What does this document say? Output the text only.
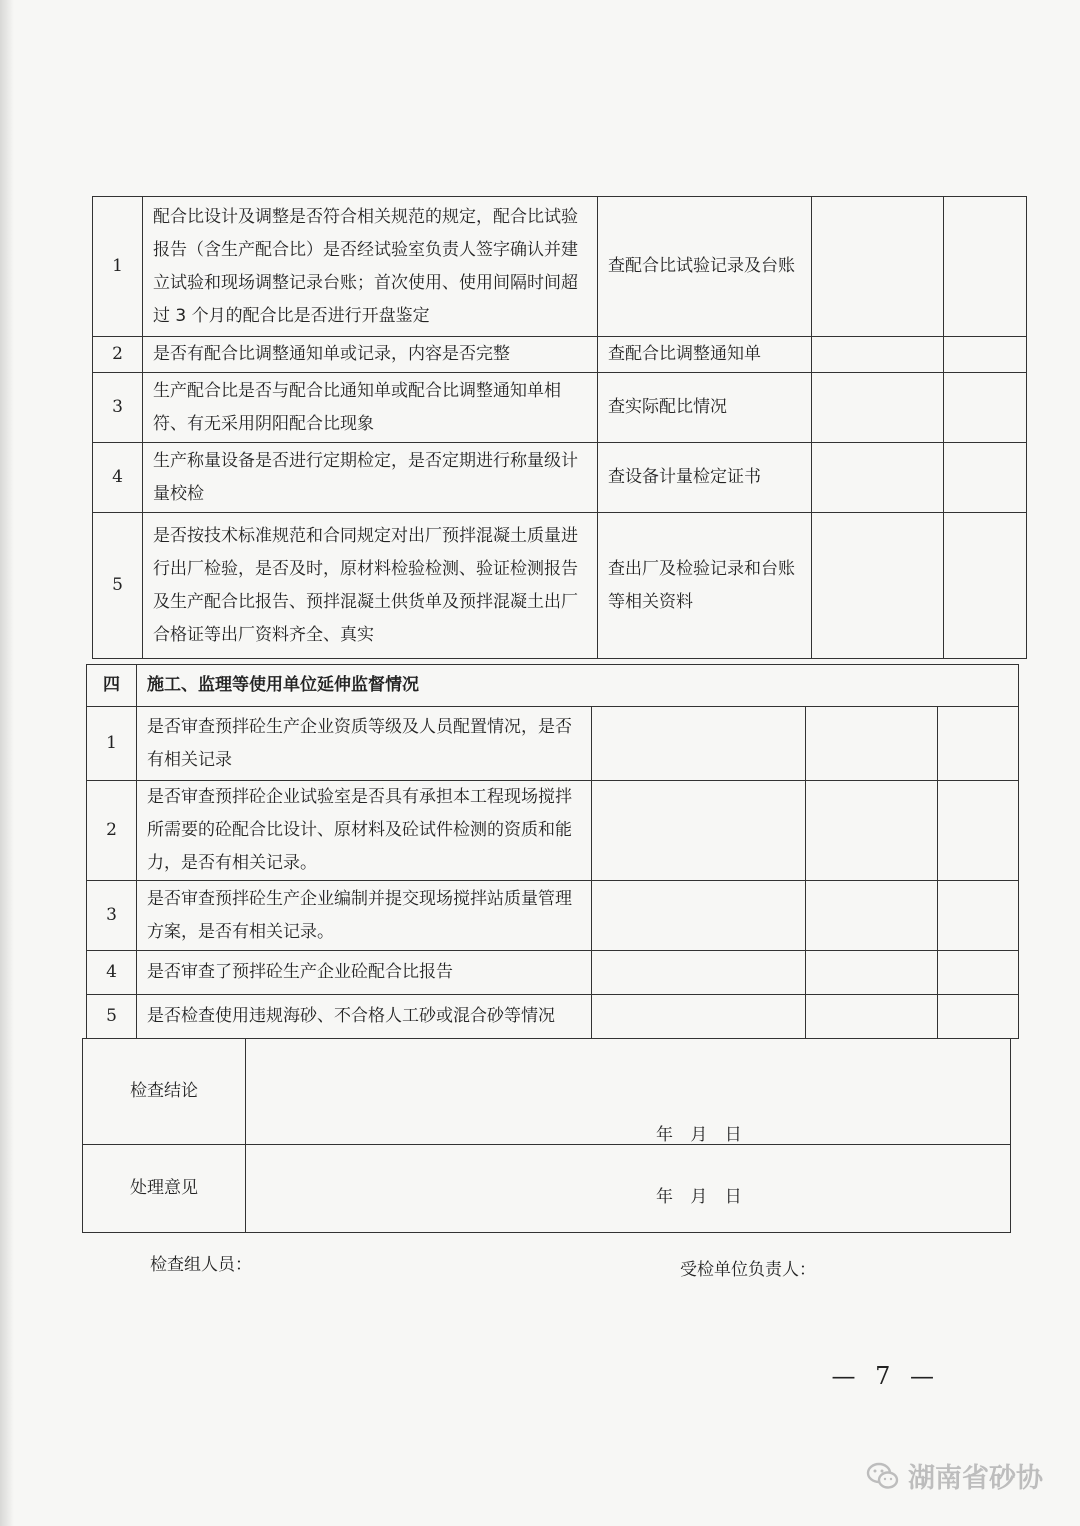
1	配合比设计及调整是否符合相关规范的规定，配合比试验报告（含生产配合比）是否经试验室负责人签字确认并建立试验和现场调整记录台账；首次使用、使用间隔时间超过 3 个月的配合比是否进行开盘鉴定	查配合比试验记录及台账		
2	是否有配合比调整通知单或记录，内容是否完整	查配合比调整通知单		
3	生产配合比是否与配合比通知单或配合比调整通知单相符、有无采用阴阳配合比现象	查实际配比情况		
4	生产称量设备是否进行定期检定，是否定期进行称量级计量校检	查设备计量检定证书		
5	是否按技术标准规范和合同规定对出厂预拌混凝土质量进行出厂检验，是否及时，原材料检验检测、验证检测报告及生产配合比报告、预拌混凝土供货单及预拌混凝土出厂合格证等出厂资料齐全、真实	查出厂及检验记录和台账等相关资料		
四	施工、监理等使用单位延伸监督情况			
1	是否审查预拌砼生产企业资质等级及人员配置情况，是否有相关记录			
2	是否审查预拌砼企业试验室是否具有承担本工程现场搅拌所需要的砼配合比设计、原材料及砼试件检测的资质和能力，是否有相关记录。			
3	是否审查预拌砼生产企业编制并提交现场搅拌站质量管理方案，是否有相关记录。			
4	是否审查了预拌砼生产企业砼配合比报告			
5	是否检查使用违规海砂、不合格人工砂或混合砂等情况			
检查结论	年 月 日

处理意见	年 月 日
检查组人员：	受检单位负责人：
— 7 —
湖南省砂协
